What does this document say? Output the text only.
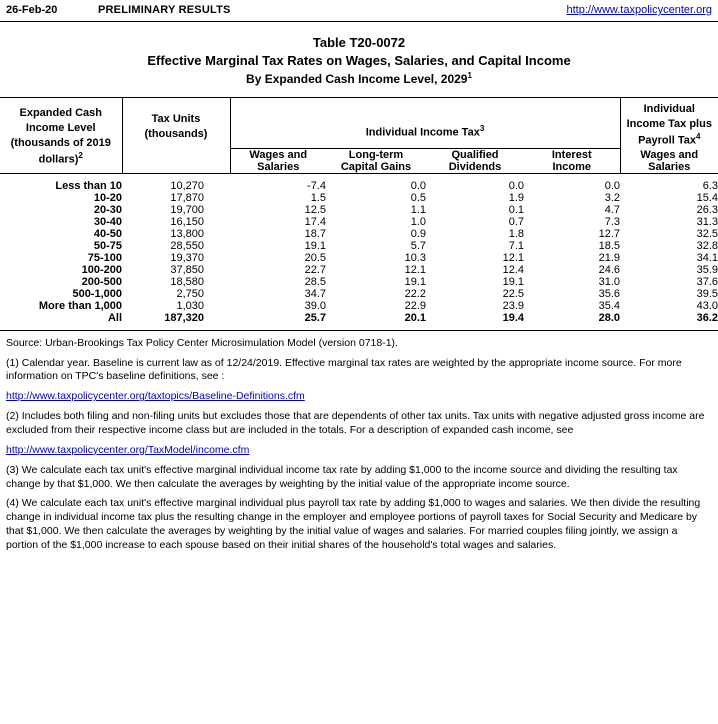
26-Feb-20	PRELIMINARY RESULTS	http://www.taxpolicycenter.org
Table T20-0072
Effective Marginal Tax Rates on Wages, Salaries, and Capital Income
By Expanded Cash Income Level, 2029$^1$
Expanded Cash
Income Level
(thousands of 2019
dollars)$^2$

Tax Units
(thousands)	Individual Income Tax$^3$	
Individual
Income Tax plus
Payroll Tax$^4$

Wages and
Salaries

Long-term
Capital Gains

Qualified
Dividends

Interest
Income

Wages and
Salaries

Less than 10	10,270	-7.4	0.0	0.0	0.0	6.3
10-20	17,870	1.5	0.5	1.9	3.2	15.4
20-30	19,700	12.5	1.1	0.1	4.7	26.3
30-40	16,150	17.4	1.0	0.7	7.3	31.3
40-50	13,800	18.7	0.9	1.8	12.7	32.5
50-75	28,550	19.1	5.7	7.1	18.5	32.8
75-100	19,370	20.5	10.3	12.1	21.9	34.1
100-200	37,850	22.7	12.1	12.4	24.6	35.9
200-500	18,580	28.5	19.1	19.1	31.0	37.6
500-1,000	2,750	34.7	22.2	22.5	35.6	39.5
More than 1,000	1,030	39.0	22.9	23.9	35.4	43.0
All	187,320	25.7	20.1	19.4	28.0	36.2

Source: Urban-Brookings Tax Policy Center Microsimulation Model (version 0718-1).

(1) Calendar year. Baseline is current law as of 12/24/2019. Effective marginal tax rates are weighted by the appropriate income source. For more information on TPC's baseline definitions, see :

http://www.taxpolicycenter.org/taxtopics/Baseline-Definitions.cfm

(2) Includes both filing and non-filing units but excludes those that are dependents of other tax units. Tax units with negative adjusted gross income are excluded from their respective income class but are included in the totals. For a description of expanded cash income, see

http://www.taxpolicycenter.org/TaxModel/income.cfm

(3) We calculate each tax unit's effective marginal individual income tax rate by adding $1,000 to the income source and dividing the resulting tax change by that $1,000. We then calculate the averages by weighting by the initial value of the appropriate income source.

(4) We calculate each tax unit's effective marginal individual plus payroll tax rate by adding $1,000 to wages and salaries. We then divide the resulting change in individual income tax plus the resulting change in the employer and employee portions of payroll taxes for Social Security and Medicare by that $1,000. We then calculate the averages by weighting by the initial value of wages and salaries. For married couples filing jointly, we assign a portion of the $1,000 increase to each spouse based on their initial shares of the household's total wages and salaries.
